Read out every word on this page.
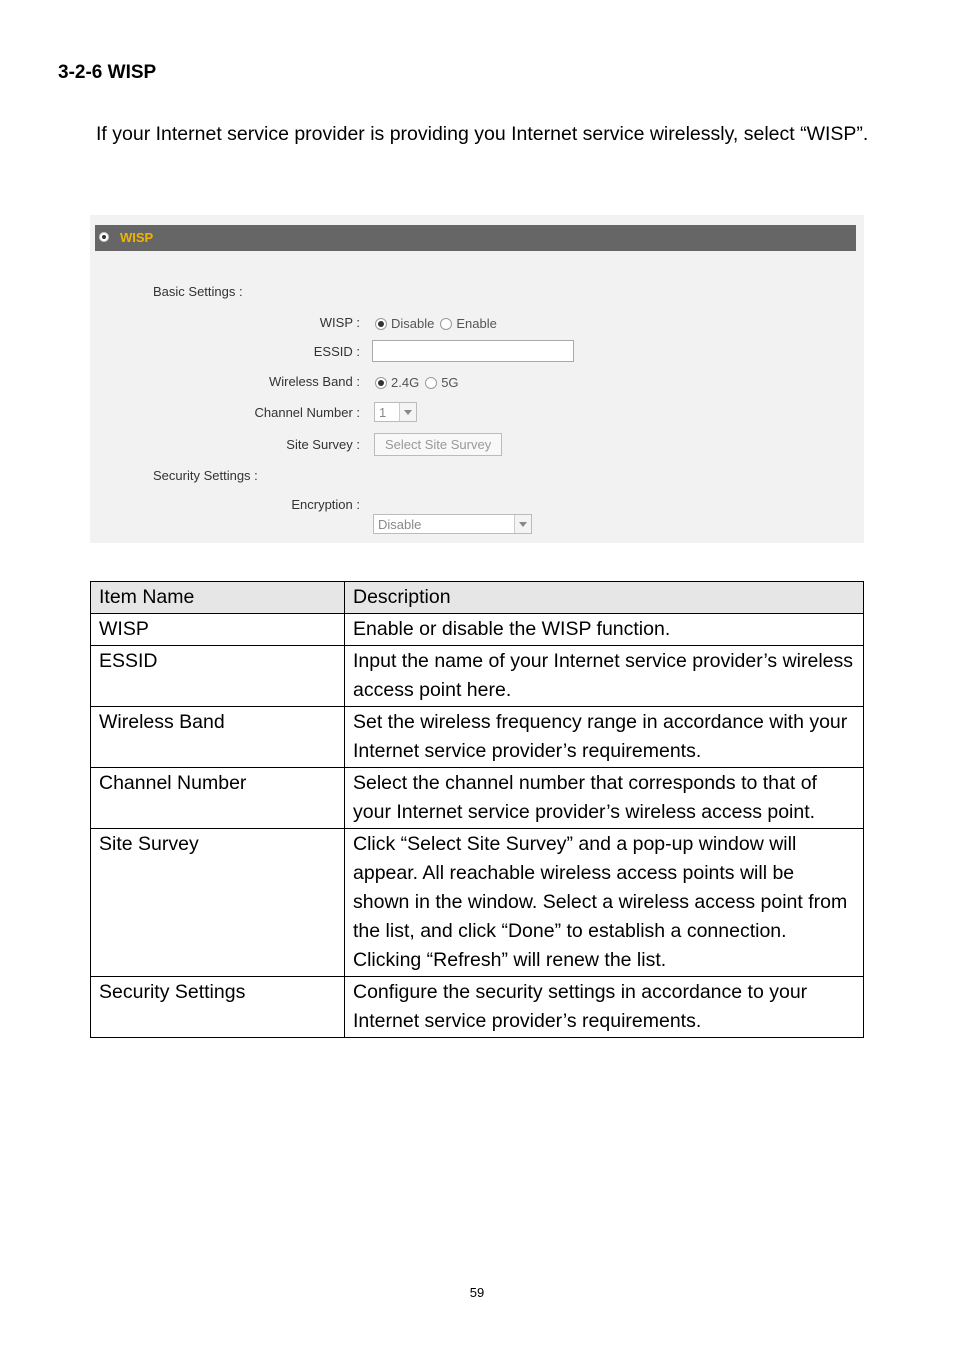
3-2-6 WISP

If your Internet service provider is providing you Internet service wirelessly, select “WISP”.

WISP
Basic Settings :
WISP : Disable Enable
ESSID :
Wireless Band : 2.4G 5G
Channel Number : 1
Site Survey :	Select Site Survey
Security Settings :
Encryption :
Disable
Item Name	Description
WISP	Enable or disable the WISP function.
ESSID	Input the name of your Internet service provider’s wireless access point here.
Wireless Band	Set the wireless frequency range in accordance with your Internet service provider’s requirements.
Channel Number	Select the channel number that corresponds to that of your Internet service provider’s wireless access point.
Site Survey	Click “Select Site Survey” and a pop-up window will appear. All reachable wireless access points will be shown in the window. Select a wireless access point from the list, and click “Done” to establish a connection. Clicking “Refresh” will renew the list.
Security Settings	Configure the security settings in accordance to your Internet service provider’s requirements.
59
